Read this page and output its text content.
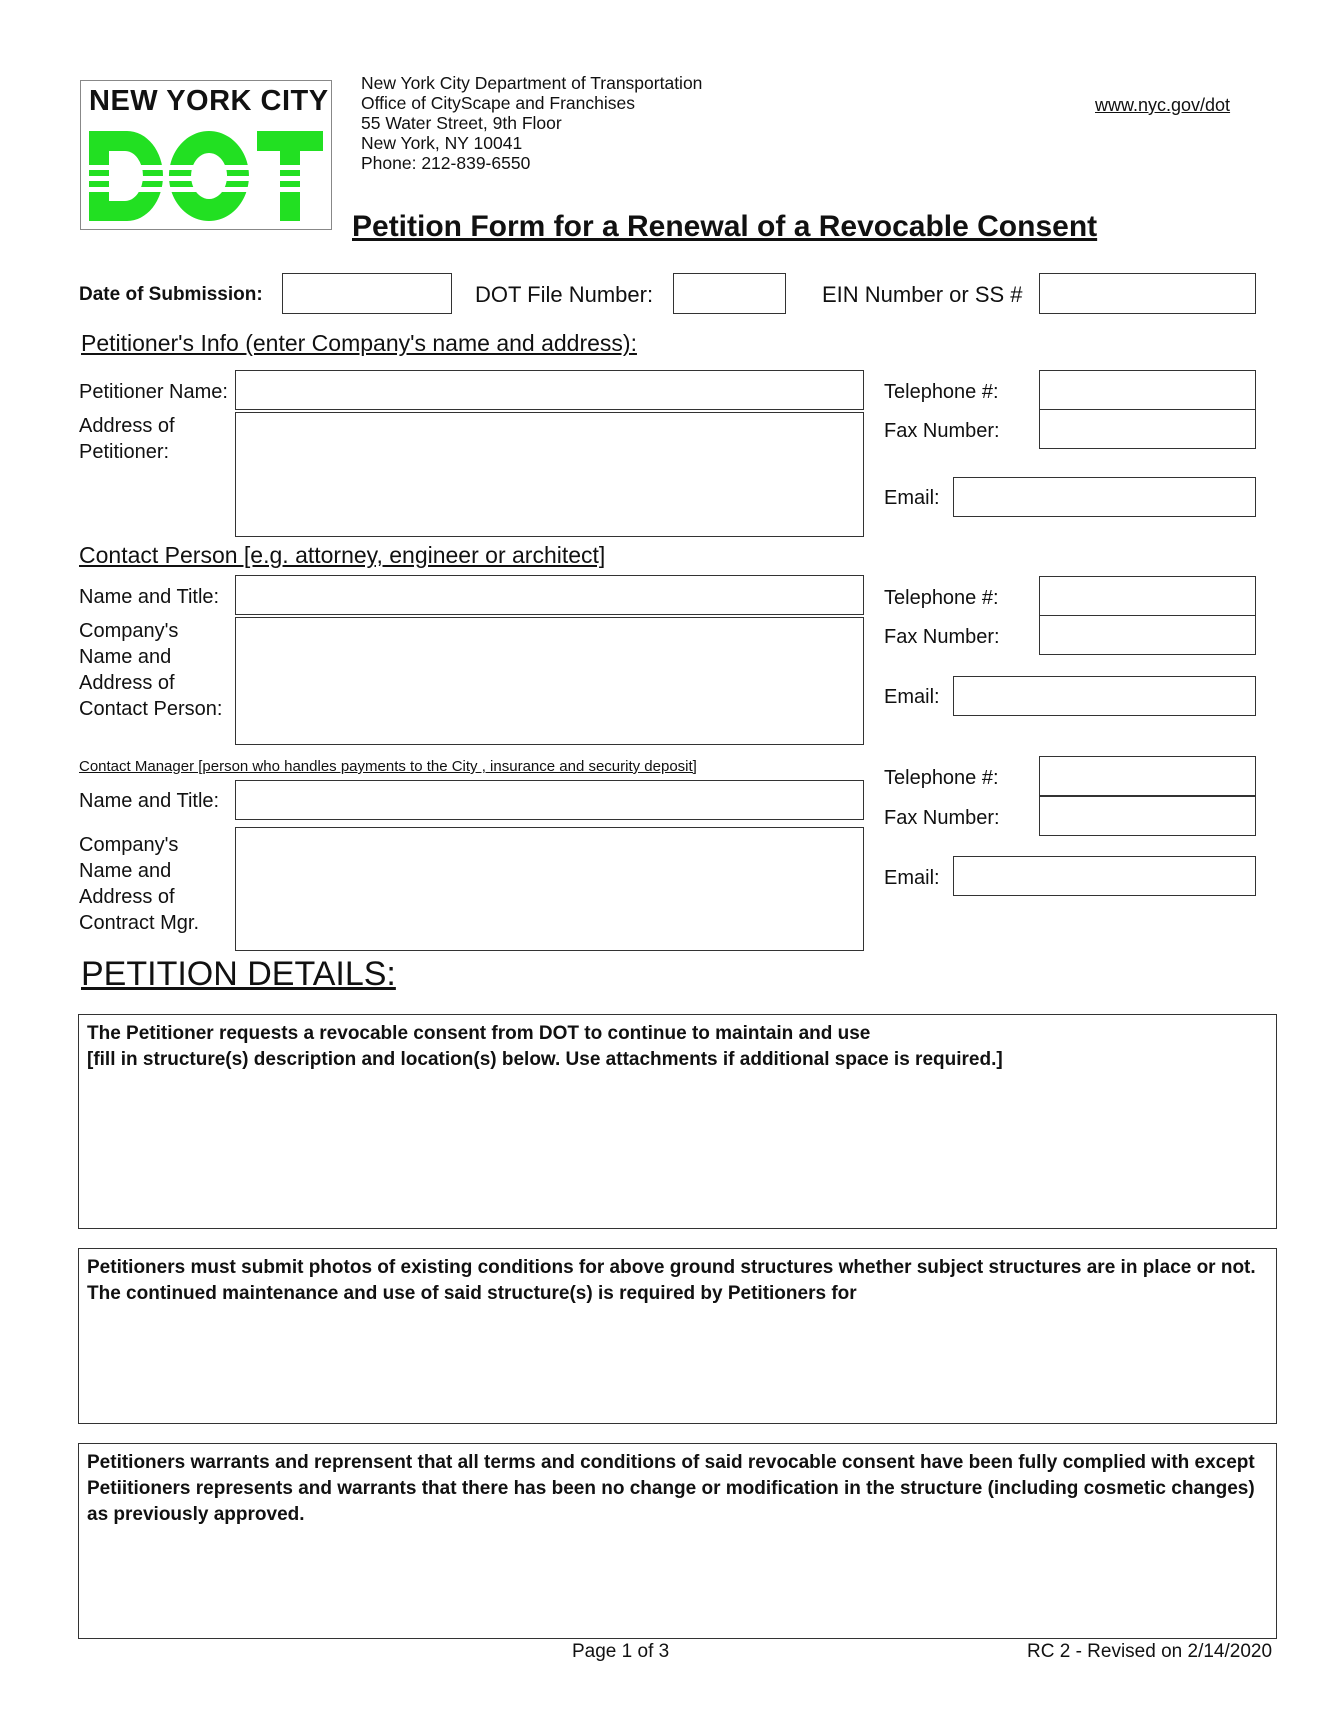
NEW YORK CITY
New York City Department of Transportation
Office of CityScape and Franchises
55 Water Street, 9th Floor
New York, NY 10041
Phone: 212-839-6550
www.nyc.gov/dot
Petition Form for a Renewal of a Revocable Consent
Date of Submission:	DOT File Number:	EIN Number or SS #
Petitioner's Info (enter Company's name and address):
Petitioner Name:
Address of Petitioner:
Telephone #:
Fax Number:
Email:
Contact Person [e.g. attorney, engineer or architect]
Name and Title:
Company's Name and Address of Contact Person:
Telephone #:
Fax Number:
Email:
Contact Manager [person who handles payments to the City , insurance and security deposit]
Name and Title:
Company's Name and Address of Contract Mgr.
Telephone #:
Fax Number:
Email:
PETITION DETAILS:
The Petitioner requests a revocable consent from DOT to continue to maintain and use
[fill in structure(s) description and location(s) below. Use attachments if additional space is required.]
Petitioners must submit photos of existing conditions for above ground structures whether subject structures are in place or not. The continued maintenance and use of said structure(s) is required by Petitioners for
Petitioners warrants and reprensent that all terms and conditions of said revocable consent have been fully complied with except Petiitioners represents and warrants that there has been no change or modification in the structure (including cosmetic changes) as previously approved.
Page 1 of 3	RC 2 - Revised on 2/14/2020
